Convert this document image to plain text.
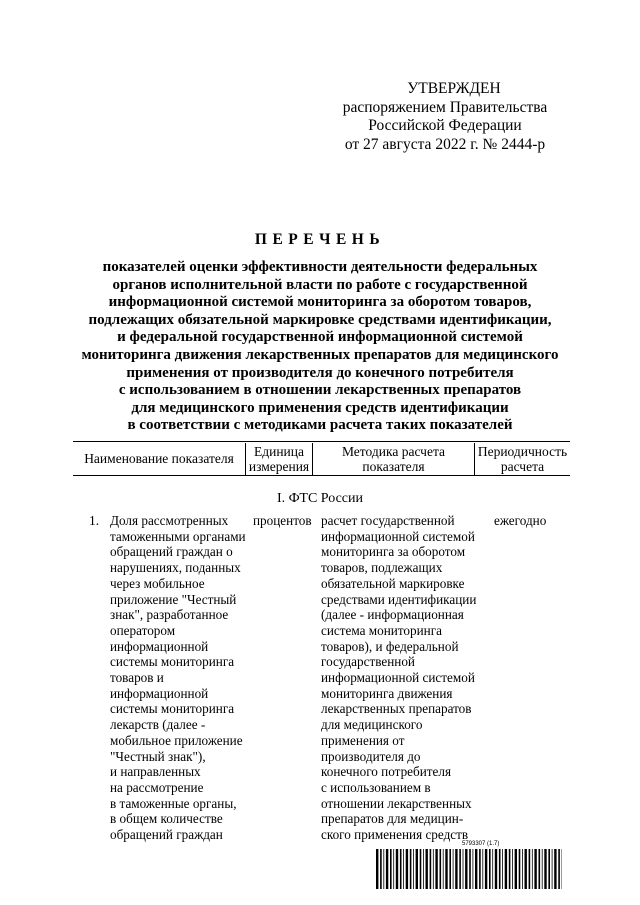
УТВЕРЖДЕН
распоряжением Правительства
Российской Федерации
от 27 августа 2022 г. № 2444-р
ПЕРЕЧЕНЬ
показателей оценки эффективности деятельности федеральных
органов исполнительной власти по работе с государственной
информационной системой мониторинга за оборотом товаров,
подлежащих обязательной маркировке средствами идентификации,
и федеральной государственной информационной системой
мониторинга движения лекарственных препаратов для медицинского
применения от производителя до конечного потребителя
с использованием в отношении лекарственных препаратов
для медицинского применения средств идентификации
в соответствии с методиками расчета таких показателей
Наименование показателя
Единица
измерения
Методика расчета
показателя
Периодичность
расчета
I. ФТС России
1. Доля рассмотренных
таможенными органами
обращений граждан о
нарушениях, поданных
через мобильное
приложение "Честный
знак", разработанное
оператором
информационной
системы мониторинга
товаров и
информационной
системы мониторинга
лекарств (далее -
мобильное приложение
"Честный знак"),
и направленных
на рассмотрение
в таможенные органы,
в общем количестве
обращений граждан
процентов расчет государственной
информационной системой
мониторинга за оборотом
товаров, подлежащих
обязательной маркировке
средствами идентификации
(далее - информационная
система мониторинга
товаров), и федеральной
государственной
информационной системой
мониторинга движения
лекарственных препаратов
для медицинского
применения от
производителя до
конечного потребителя
с использованием в
отношении лекарственных
препаратов для медицин-
ского применения средств
ежегодно
5793307 (1.7)
